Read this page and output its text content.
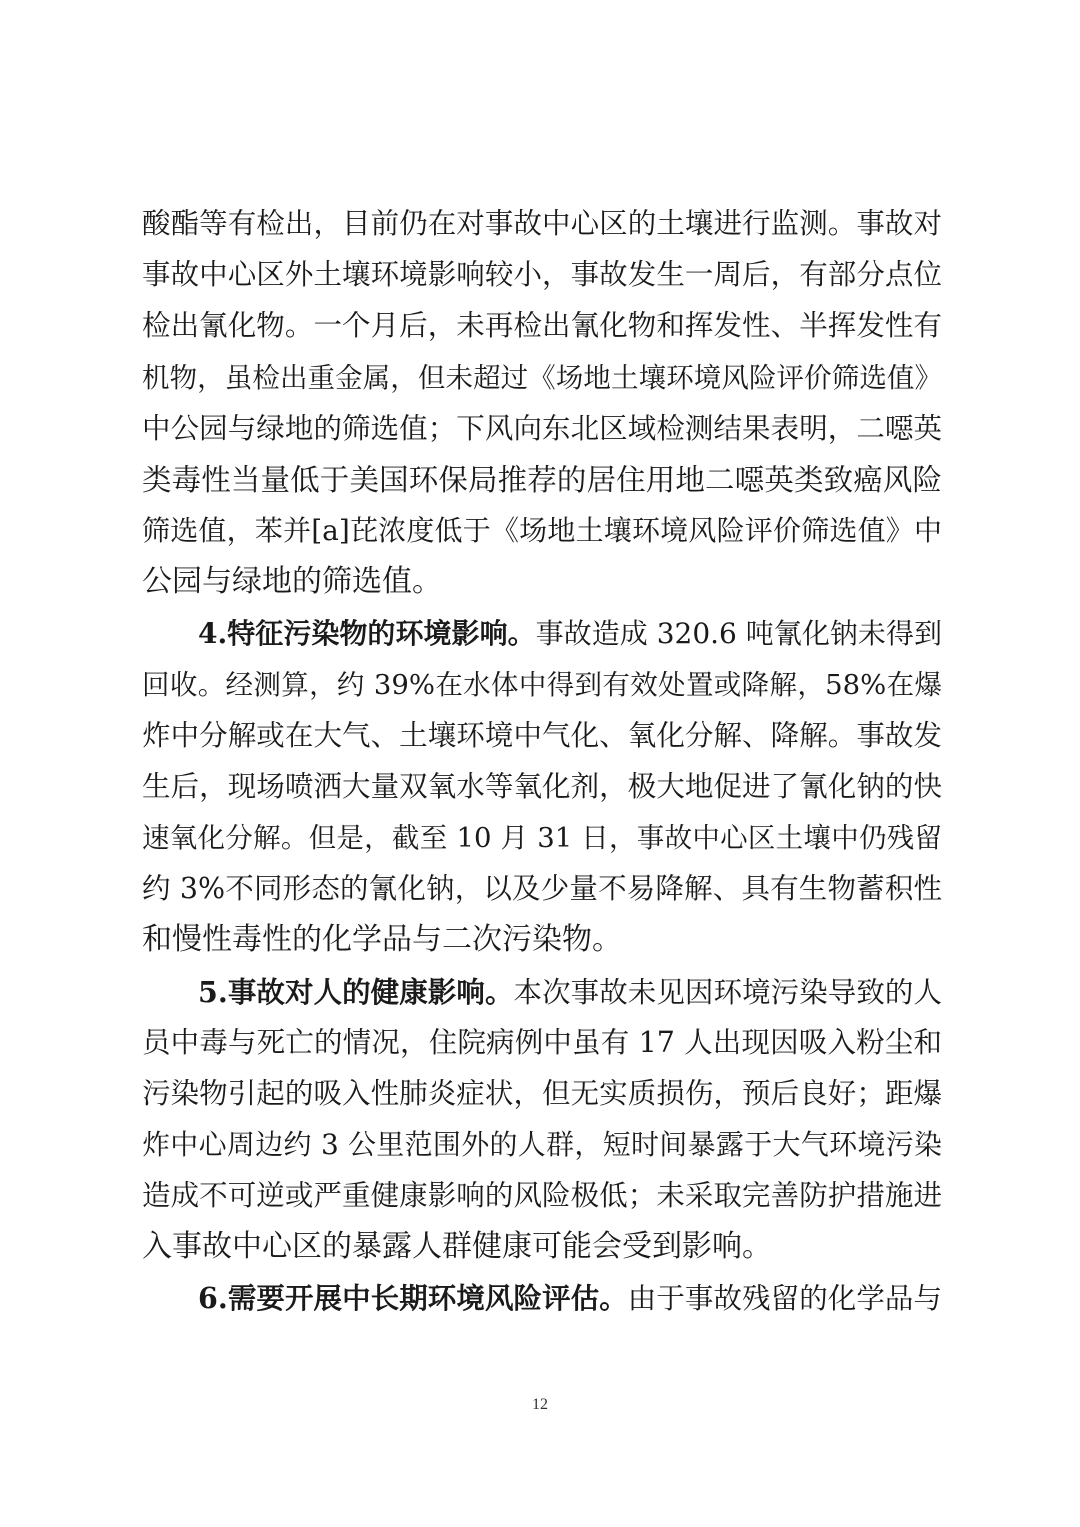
酸酯等有检出，目前仍在对事故中心区的土壤进行监测。事故对
事故中心区外土壤环境影响较小，事故发生一周后，有部分点位
检出氰化物。一个月后，未再检出氰化物和挥发性、半挥发性有
机物，虽检出重金属，但未超过《场地土壤环境风险评价筛选值》
中公园与绿地的筛选值；下风向东北区域检测结果表明，二噁英
类毒性当量低于美国环保局推荐的居住用地二噁英类致癌风险
筛选值，苯并[a]芘浓度低于《场地土壤环境风险评价筛选值》中
公园与绿地的筛选值。
4.特征污染物的环境影响。事故造成 320.6 吨氰化钠未得到
回收。经测算，约 39%在水体中得到有效处置或降解，58%在爆
炸中分解或在大气、土壤环境中气化、氧化分解、降解。事故发
生后，现场喷洒大量双氧水等氧化剂，极大地促进了氰化钠的快
速氧化分解。但是，截至 10 月 31 日，事故中心区土壤中仍残留
约 3%不同形态的氰化钠，以及少量不易降解、具有生物蓄积性
和慢性毒性的化学品与二次污染物。
5.事故对人的健康影响。本次事故未见因环境污染导致的人
员中毒与死亡的情况，住院病例中虽有 17 人出现因吸入粉尘和
污染物引起的吸入性肺炎症状，但无实质损伤，预后良好；距爆
炸中心周边约 3 公里范围外的人群，短时间暴露于大气环境污染
造成不可逆或严重健康影响的风险极低；未采取完善防护措施进
入事故中心区的暴露人群健康可能会受到影响。
6.需要开展中长期环境风险评估。由于事故残留的化学品与
12
